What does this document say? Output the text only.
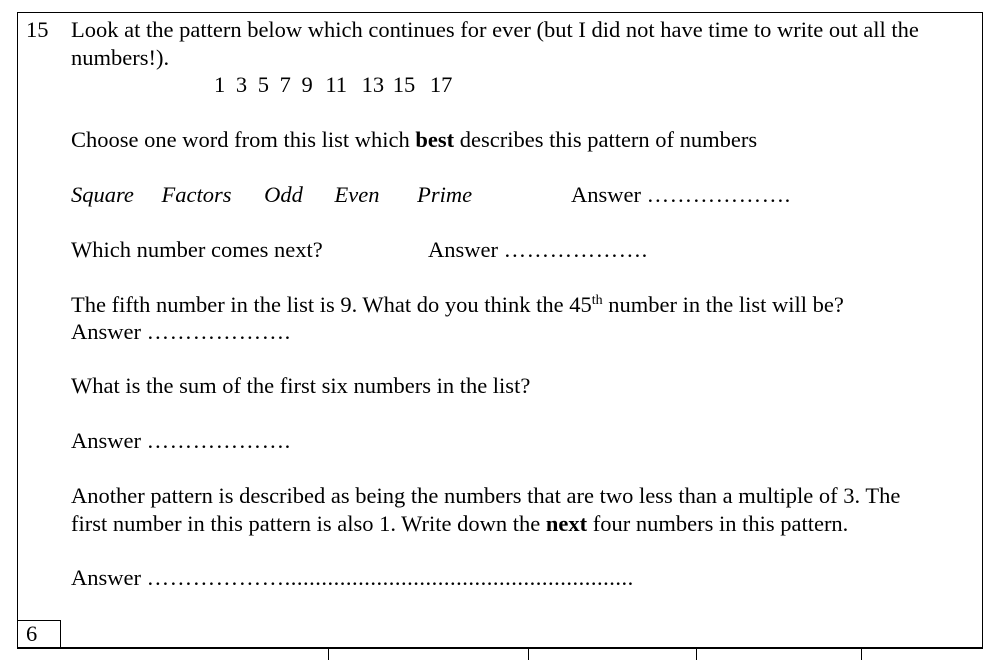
15 Look at the pattern below which continues for ever (but I did not have time to write out all the
numbers!).
1 3 5 7 9 11 13 15 17
Choose one word from this list which best describes this pattern of numbers
Square Factors Odd Even Prime	Answer ……………….
Which number comes next?	Answer ……………….
The fifth number in the list is 9. What do you think the 45th number in the list will be?
Answer ……………….
What is the sum of the first six numbers in the list?
Answer ……………….
Another pattern is described as being the numbers that are two less than a multiple of 3. The
first number in this pattern is also 1. Write down the next four numbers in this pattern.
Answer ……………….........................................................
6
